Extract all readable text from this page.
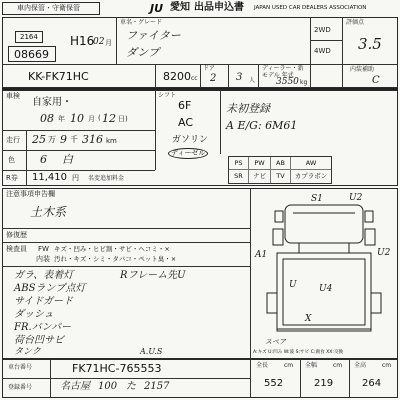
車内保管・守衛保管	JU 愛知 出品申込書 JAPAN USED CAR DEALERS ASSOCIATION
2164
08669
H16
02 月
車名・グレード
ファイター
ダンプ
2WD
4WD
評価点
3.5
内装補助
C
KK-FK71HC	8200 cc
ドア
2 3 人
ディーラー・新
モデル 年式
3550 kg
車検
自家用・
08 年 10 月 ( 12 日)
走行 25 万 9 千 316 km
色 6 白
R券 11,410 円 名変追加料金
シフト
6F
AC
ガソリン
ディーゼル
未初登録
A E/G: 6M61
PS	PW	AB	AW
SR	ナビ	TV	カプラボン
注意事項申告欄
土木系
修復歴
検査員 FW キズ・凹み・ヒビ割・サビ・ヘコミ・×
内装 汚れ・キズ・シミ・タバコ・ペット臭・×
ガラ、表着灯	Rフレーム先U
ABSランプ点灯
サイドガード
ダッシュ
FR.バンパー
荷台凹サビ
タンク	A.U.S
S1	U2
A1	U2
U4
U
X
スペア
A:キズ U:凹み W:波 S:サビ C:腐食 XX:交換
車台番号	FK71HC-765553
登録番号	名古屋 100 た 2157
全長	cm
552
全幅	cm
219
全高	cm
264
